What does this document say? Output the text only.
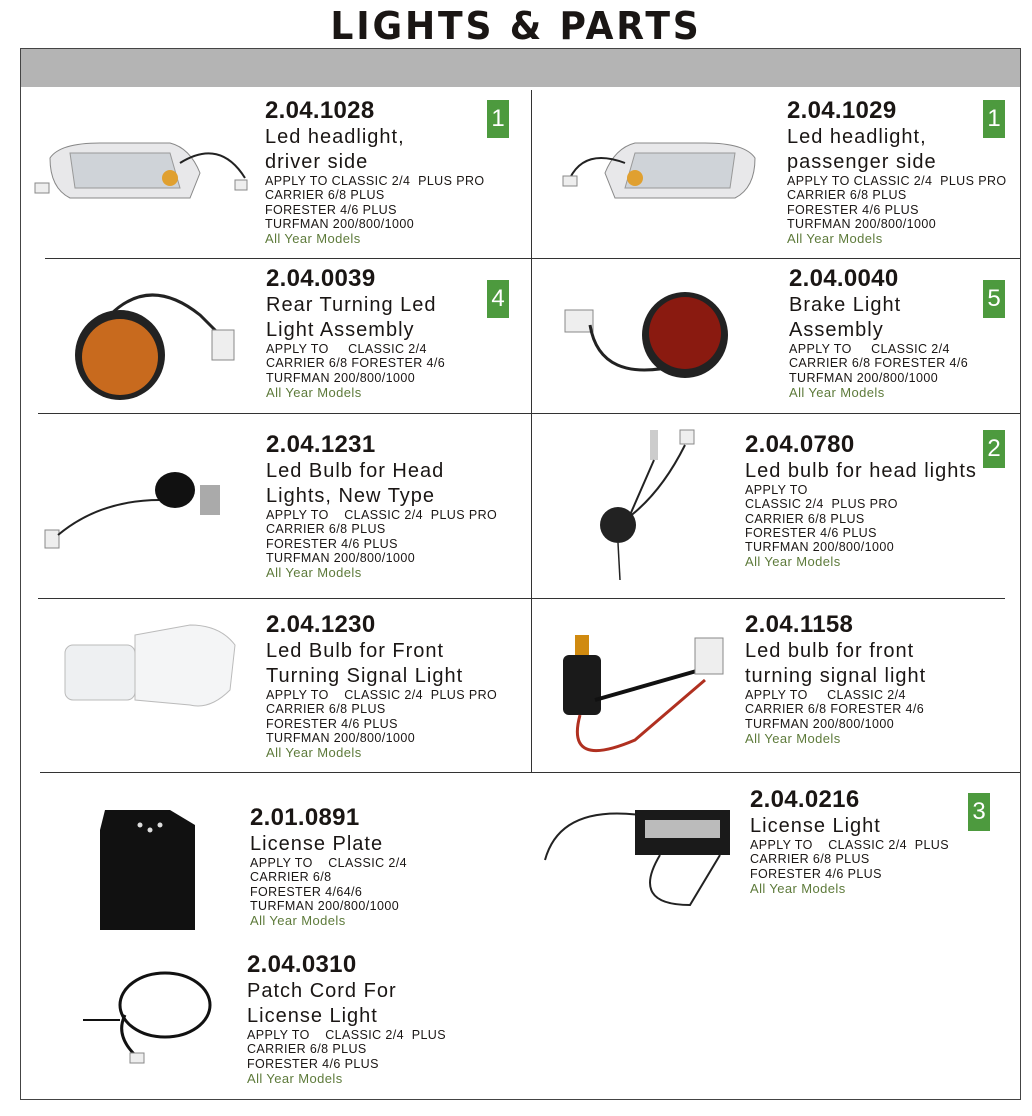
LIGHTS & PARTS
2.04.1028
Led headlight,
driver side
APPLY TO CLASSIC 2/4  PLUS PRO
CARRIER 6/8 PLUS
FORESTER 4/6 PLUS
TURFMAN 200/800/1000
All Year Models
1	2.04.1029
Led headlight,
passenger side
APPLY TO CLASSIC 2/4  PLUS PRO
CARRIER 6/8 PLUS
FORESTER 4/6 PLUS
TURFMAN 200/800/1000
All Year Models
1
2.04.0039
Rear Turning Led
Light Assembly
APPLY TO     CLASSIC 2/4
CARRIER 6/8 FORESTER 4/6
TURFMAN 200/800/1000
All Year Models
4
2.04.0040
Brake Light
Assembly
APPLY TO     CLASSIC 2/4
CARRIER 6/8 FORESTER 4/6
TURFMAN 200/800/1000
All Year Models
5
2.04.1231
Led Bulb for Head
Lights, New Type
APPLY TO    CLASSIC 2/4  PLUS PRO
CARRIER 6/8 PLUS
FORESTER 4/6 PLUS
TURFMAN 200/800/1000
All Year Models
2.04.0780
Led bulb for head lights
APPLY TO
CLASSIC 2/4  PLUS PRO
CARRIER 6/8 PLUS
FORESTER 4/6 PLUS
TURFMAN 200/800/1000
All Year Models
2
2.04.1230
Led Bulb for Front
Turning Signal Light
APPLY TO    CLASSIC 2/4  PLUS PRO
CARRIER 6/8 PLUS
FORESTER 4/6 PLUS
TURFMAN 200/800/1000
All Year Models
2.04.1158
Led bulb for front
turning signal light
APPLY TO     CLASSIC 2/4
CARRIER 6/8 FORESTER 4/6
TURFMAN 200/800/1000
All Year Models
2.01.0891
License Plate
APPLY TO    CLASSIC 2/4
CARRIER 6/8
FORESTER 4/64/6
TURFMAN 200/800/1000
All Year Models
2.04.0216
License Light
APPLY TO    CLASSIC 2/4  PLUS
CARRIER 6/8 PLUS
FORESTER 4/6 PLUS
All Year Models
3
2.04.0310
Patch Cord For
License Light
APPLY TO    CLASSIC 2/4  PLUS
CARRIER 6/8 PLUS
FORESTER 4/6 PLUS
All Year Models
